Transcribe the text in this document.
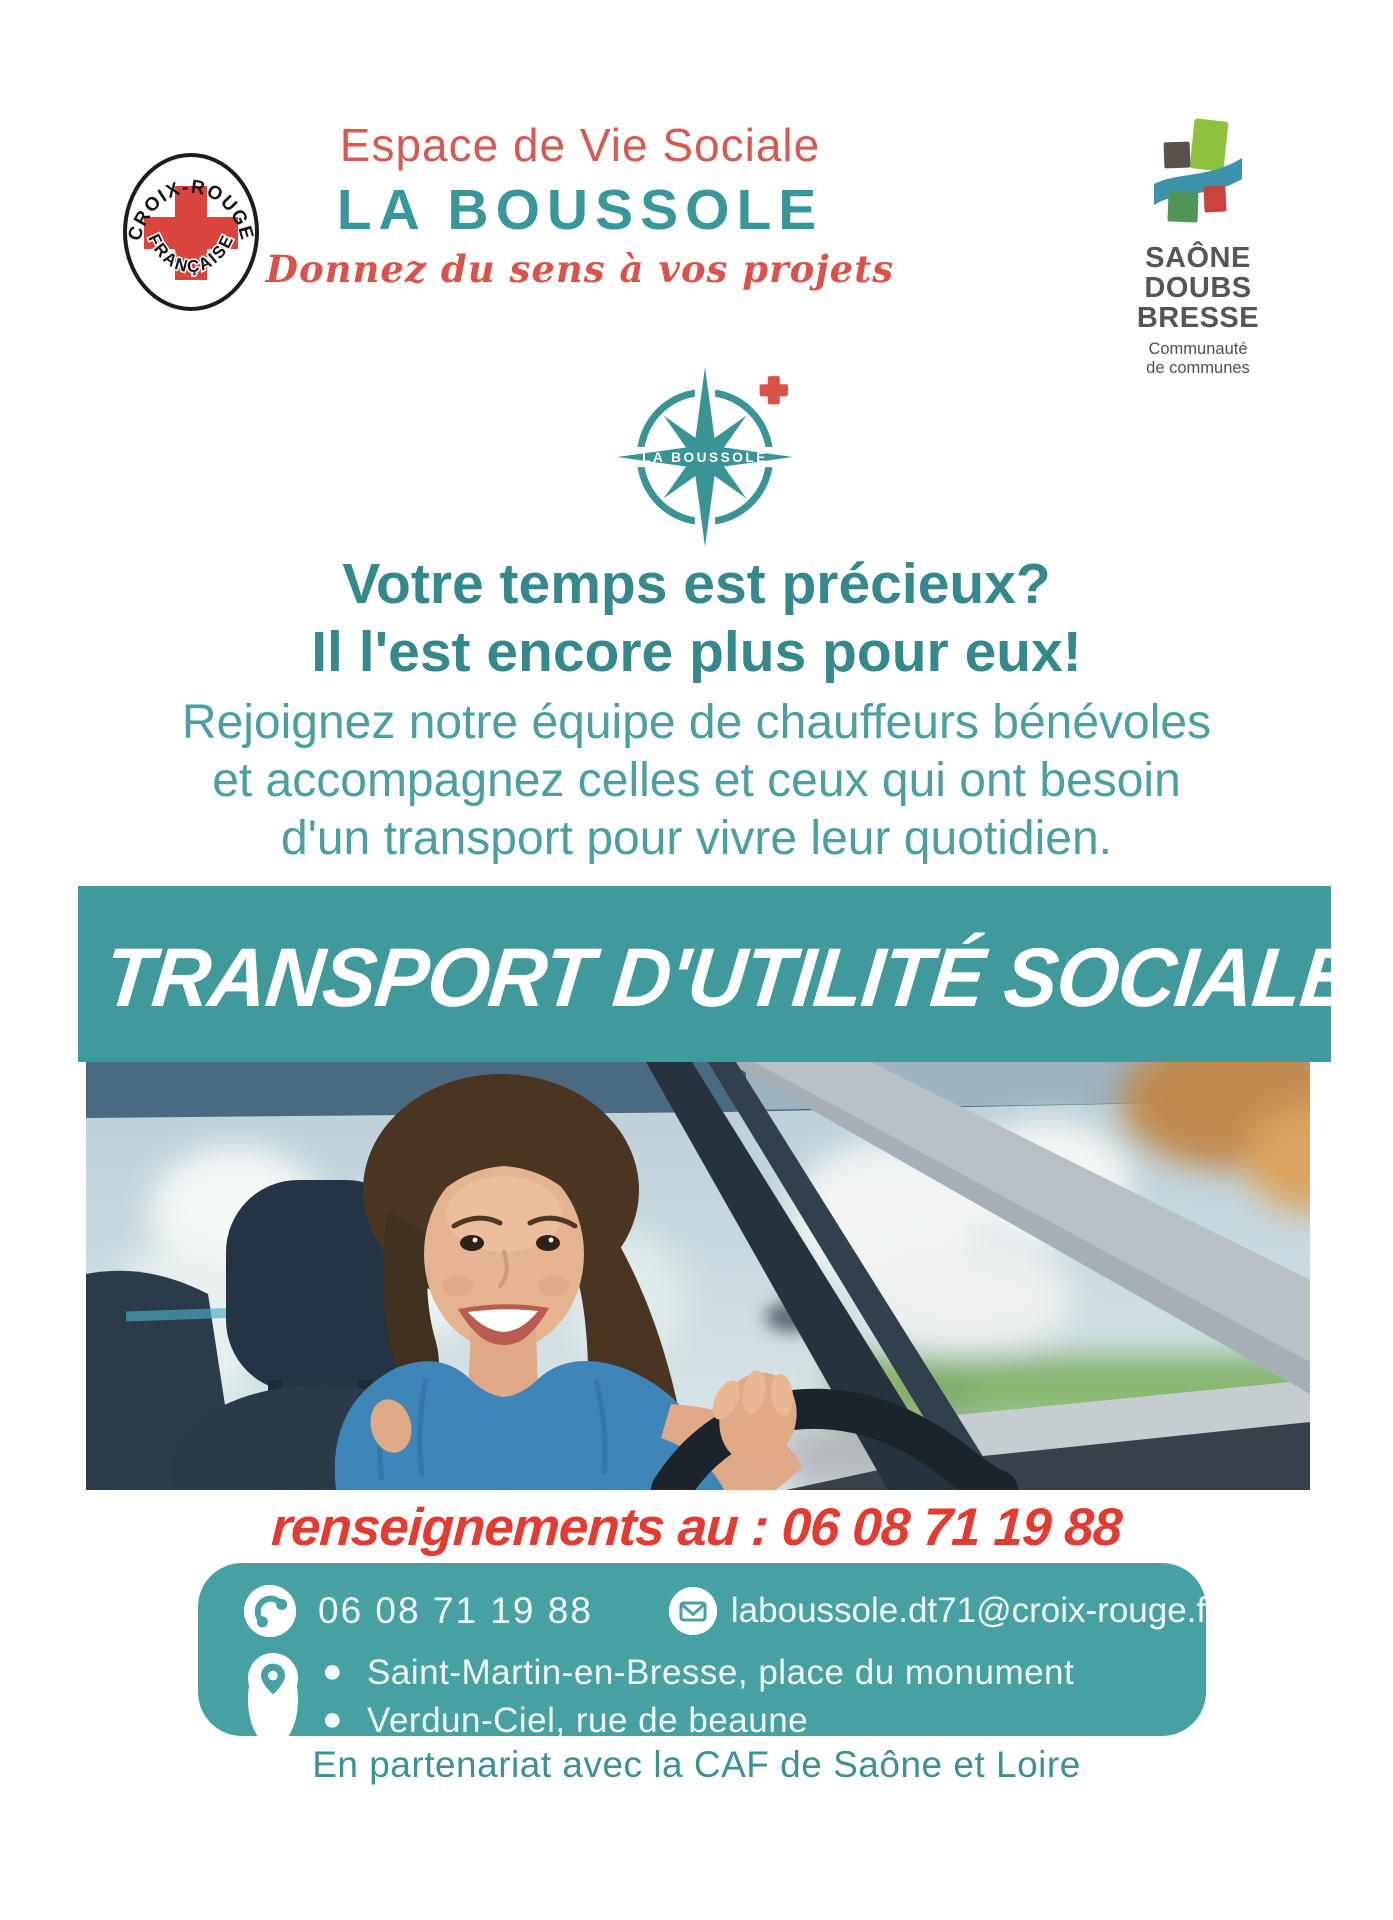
CROIX-ROUGE
FRANÇAISE
Espace de Vie Sociale
LA BOUSSOLE
Donnez du sens à vos projets	SAÔNE
DOUBS
BRESSE
Communauté
de communes
LA BOUSSOLE
Votre temps est précieux?
Il l'est encore plus pour eux!
Rejoignez notre équipe de chauffeurs bénévoles
et accompagnez celles et ceux qui ont besoin
d'un transport pour vivre leur quotidien.
TRANSPORT D'UTILITÉ SOCIALE
renseignements au : 06 08 71 19 88
06 08 71 19 88	laboussole.dt71@croix-rouge.fr
● Saint-Martin-en-Bresse, place du monument
● Verdun-Ciel, rue de beaune
En partenariat avec la CAF de Saône et Loire
